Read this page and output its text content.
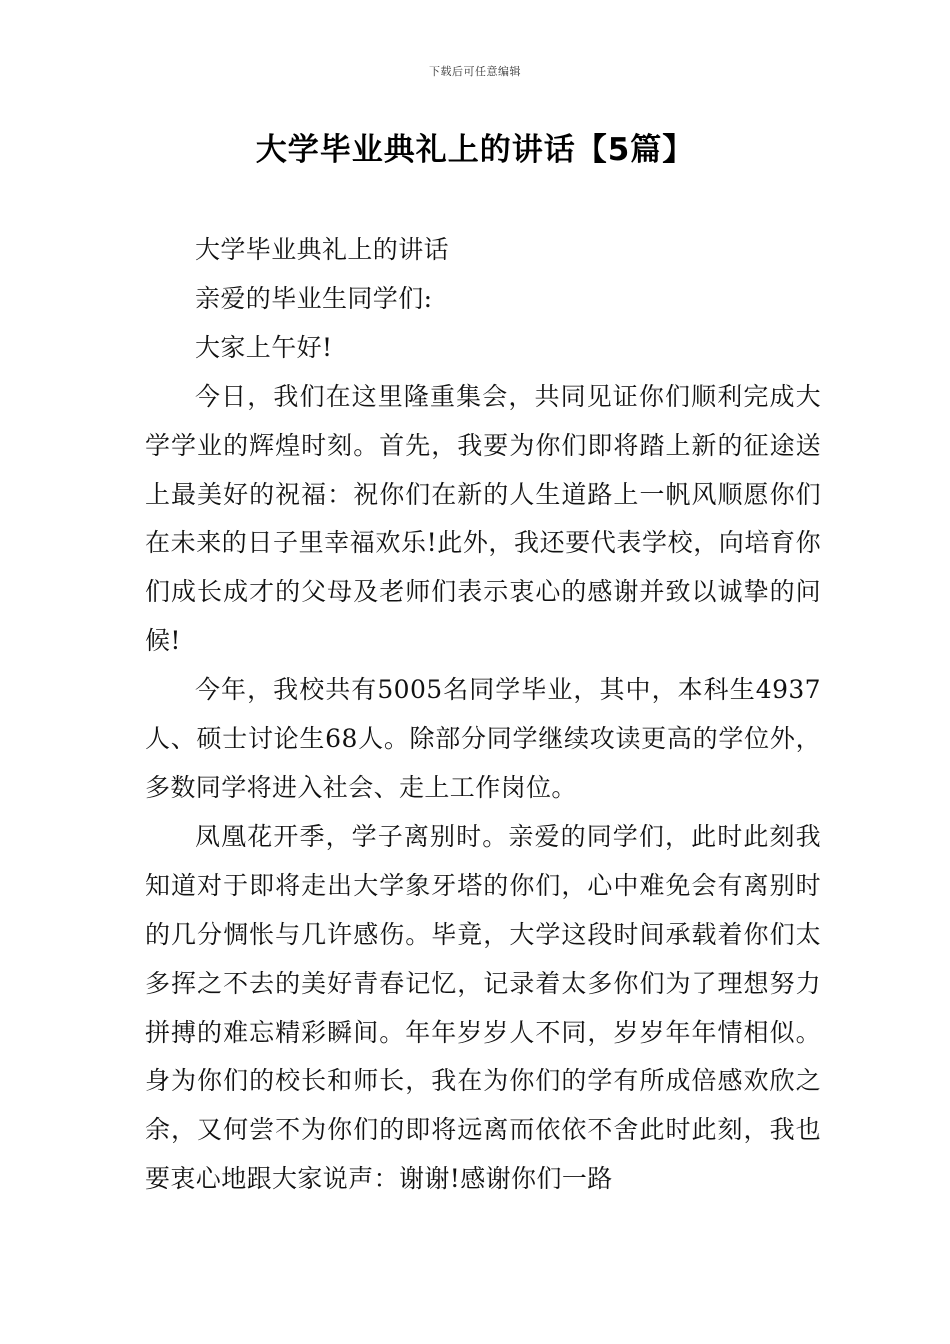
下载后可任意编辑
大学毕业典礼上的讲话【5篇】

大学毕业典礼上的讲话

亲爱的毕业生同学们:

大家上午好!

今日，我们在这里隆重集会，共同见证你们顺利完成大学学业的辉煌时刻。首先，我要为你们即将踏上新的征途送上最美好的祝福：祝你们在新的人生道路上一帆风顺愿你们在未来的日子里幸福欢乐!此外，我还要代表学校，向培育你们成长成才的父母及老师们表示衷心的感谢并致以诚挚的问候!

今年，我校共有5005名同学毕业，其中，本科生4937人、硕士讨论生68人。除部分同学继续攻读更高的学位外，多数同学将进入社会、走上工作岗位。

凤凰花开季，学子离别时。亲爱的同学们，此时此刻我知道对于即将走出大学象牙塔的你们，心中难免会有离别时的几分惆怅与几许感伤。毕竟，大学这段时间承载着你们太多挥之不去的美好青春记忆，记录着太多你们为了理想努力拼搏的难忘精彩瞬间。年年岁岁人不同，岁岁年年情相似。身为你们的校长和师长，我在为你们的学有所成倍感欢欣之余，又何尝不为你们的即将远离而依依不舍此时此刻，我也要衷心地跟大家说声：谢谢!感谢你们一路
